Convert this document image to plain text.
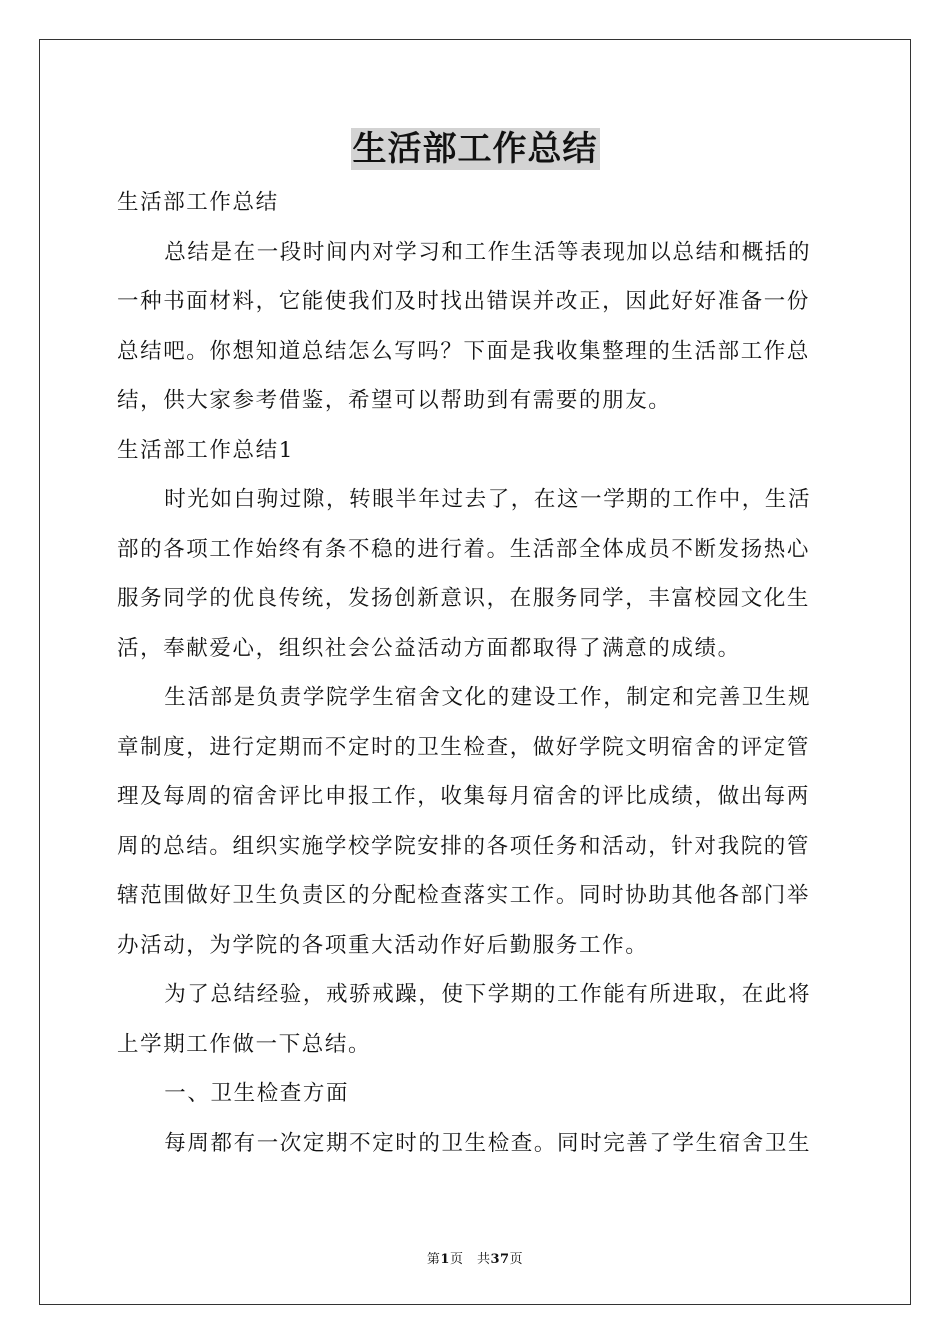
生活部工作总结

生活部工作总结

总结是在一段时间内对学习和工作生活等表现加以总结和概括的一种书面材料，它能使我们及时找出错误并改正，因此好好准备一份总结吧。你想知道总结怎么写吗？下面是我收集整理的生活部工作总结，供大家参考借鉴，希望可以帮助到有需要的朋友。

生活部工作总结1

时光如白驹过隙，转眼半年过去了，在这一学期的工作中，生活部的各项工作始终有条不稳的进行着。生活部全体成员不断发扬热心服务同学的优良传统，发扬创新意识，在服务同学，丰富校园文化生活，奉献爱心，组织社会公益活动方面都取得了满意的成绩。

生活部是负责学院学生宿舍文化的建设工作，制定和完善卫生规章制度，进行定期而不定时的卫生检查，做好学院文明宿舍的评定管理及每周的宿舍评比申报工作，收集每月宿舍的评比成绩，做出每两周的总结。组织实施学校学院安排的各项任务和活动，针对我院的管辖范围做好卫生负责区的分配检查落实工作。同时协助其他各部门举办活动，为学院的各项重大活动作好后勤服务工作。

为了总结经验，戒骄戒躁，使下学期的工作能有所进取，在此将上学期工作做一下总结。

一、卫生检查方面

每周都有一次定期不定时的卫生检查。同时完善了学生宿舍卫生

第1页　共37页
